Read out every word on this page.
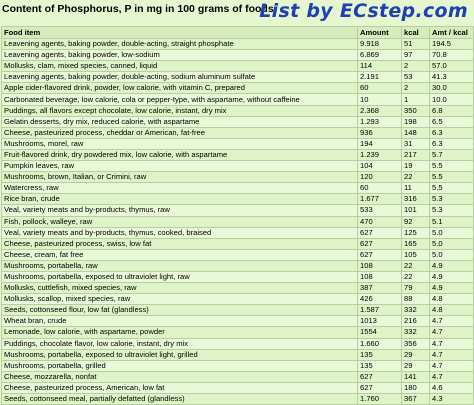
Content of Phosphorus, P in mg in 100 grams of foods
List by ECstep.com
Food item	Amount	kcal	Amt / kcal
Leavening agents, baking powder, double-acting, straight phosphate	9.918	51	194.5
Leavening agents, baking powder, low-sodium	6.869	97	70.8
Mollusks, clam, mixed species, canned, liquid	114	2	57.0
Leavening agents, baking powder, double-acting, sodium aluminum sulfate	2.191	53	41.3
Apple cider-flavored drink, powder, low calorie, with vitamin C, prepared	60	2	30.0
Carbonated beverage, low calorie, cola or pepper-type, with aspartame, without caffeine	10	1	10.0
Puddings, all flavors except chocolate, low calorie, instant, dry mix	2.368	350	6.8
Gelatin desserts, dry mix, reduced calorie, with aspartame	1.293	198	6.5
Cheese, pasteurized process, cheddar or American, fat-free	936	148	6.3
Mushrooms, morel, raw	194	31	6.3
Fruit-flavored drink, dry powdered mix, low calorie, with aspartame	1.239	217	5.7
Pumpkin leaves, raw	104	19	5.5
Mushrooms, brown, Italian, or Crimini, raw	120	22	5.5
Watercress, raw	60	11	5.5
Rice bran, crude	1.677	316	5.3
Veal, variety meats and by-products, thymus, raw	533	101	5.3
Fish, pollock, walleye, raw	470	92	5.1
Veal, variety meats and by-products, thymus, cooked, braised	627	125	5.0
Cheese, pasteurized process, swiss, low fat	627	165	5.0
Cheese, cream, fat free	627	105	5.0
Mushrooms, portabella, raw	108	22	4.9
Mushrooms, portabella, exposed to ultraviolet light, raw	108	22	4.9
Mollusks, cuttlefish, mixed species, raw	387	79	4.9
Mollusks, scallop, mixed species, raw	426	88	4.8
Seeds, cottonseed flour, low fat (glandless)	1.587	332	4.8
Wheat bran, crude	1013	216	4.7
Lemonade, low calorie, with aspartame, powder	1554	332	4.7
Puddings, chocolate flavor, low calorie, instant, dry mix	1.660	356	4.7
Mushrooms, portabella, exposed to ultraviolet light, grilled	135	29	4.7
Mushrooms, portabella, grilled	135	29	4.7
Cheese, mozzarella, nonfat	627	141	4.7
Cheese, pasteurized process, American, low fat	627	180	4.6
Seeds, cottonseed meal, partially defatted (glandless)	1.760	367	4.3
